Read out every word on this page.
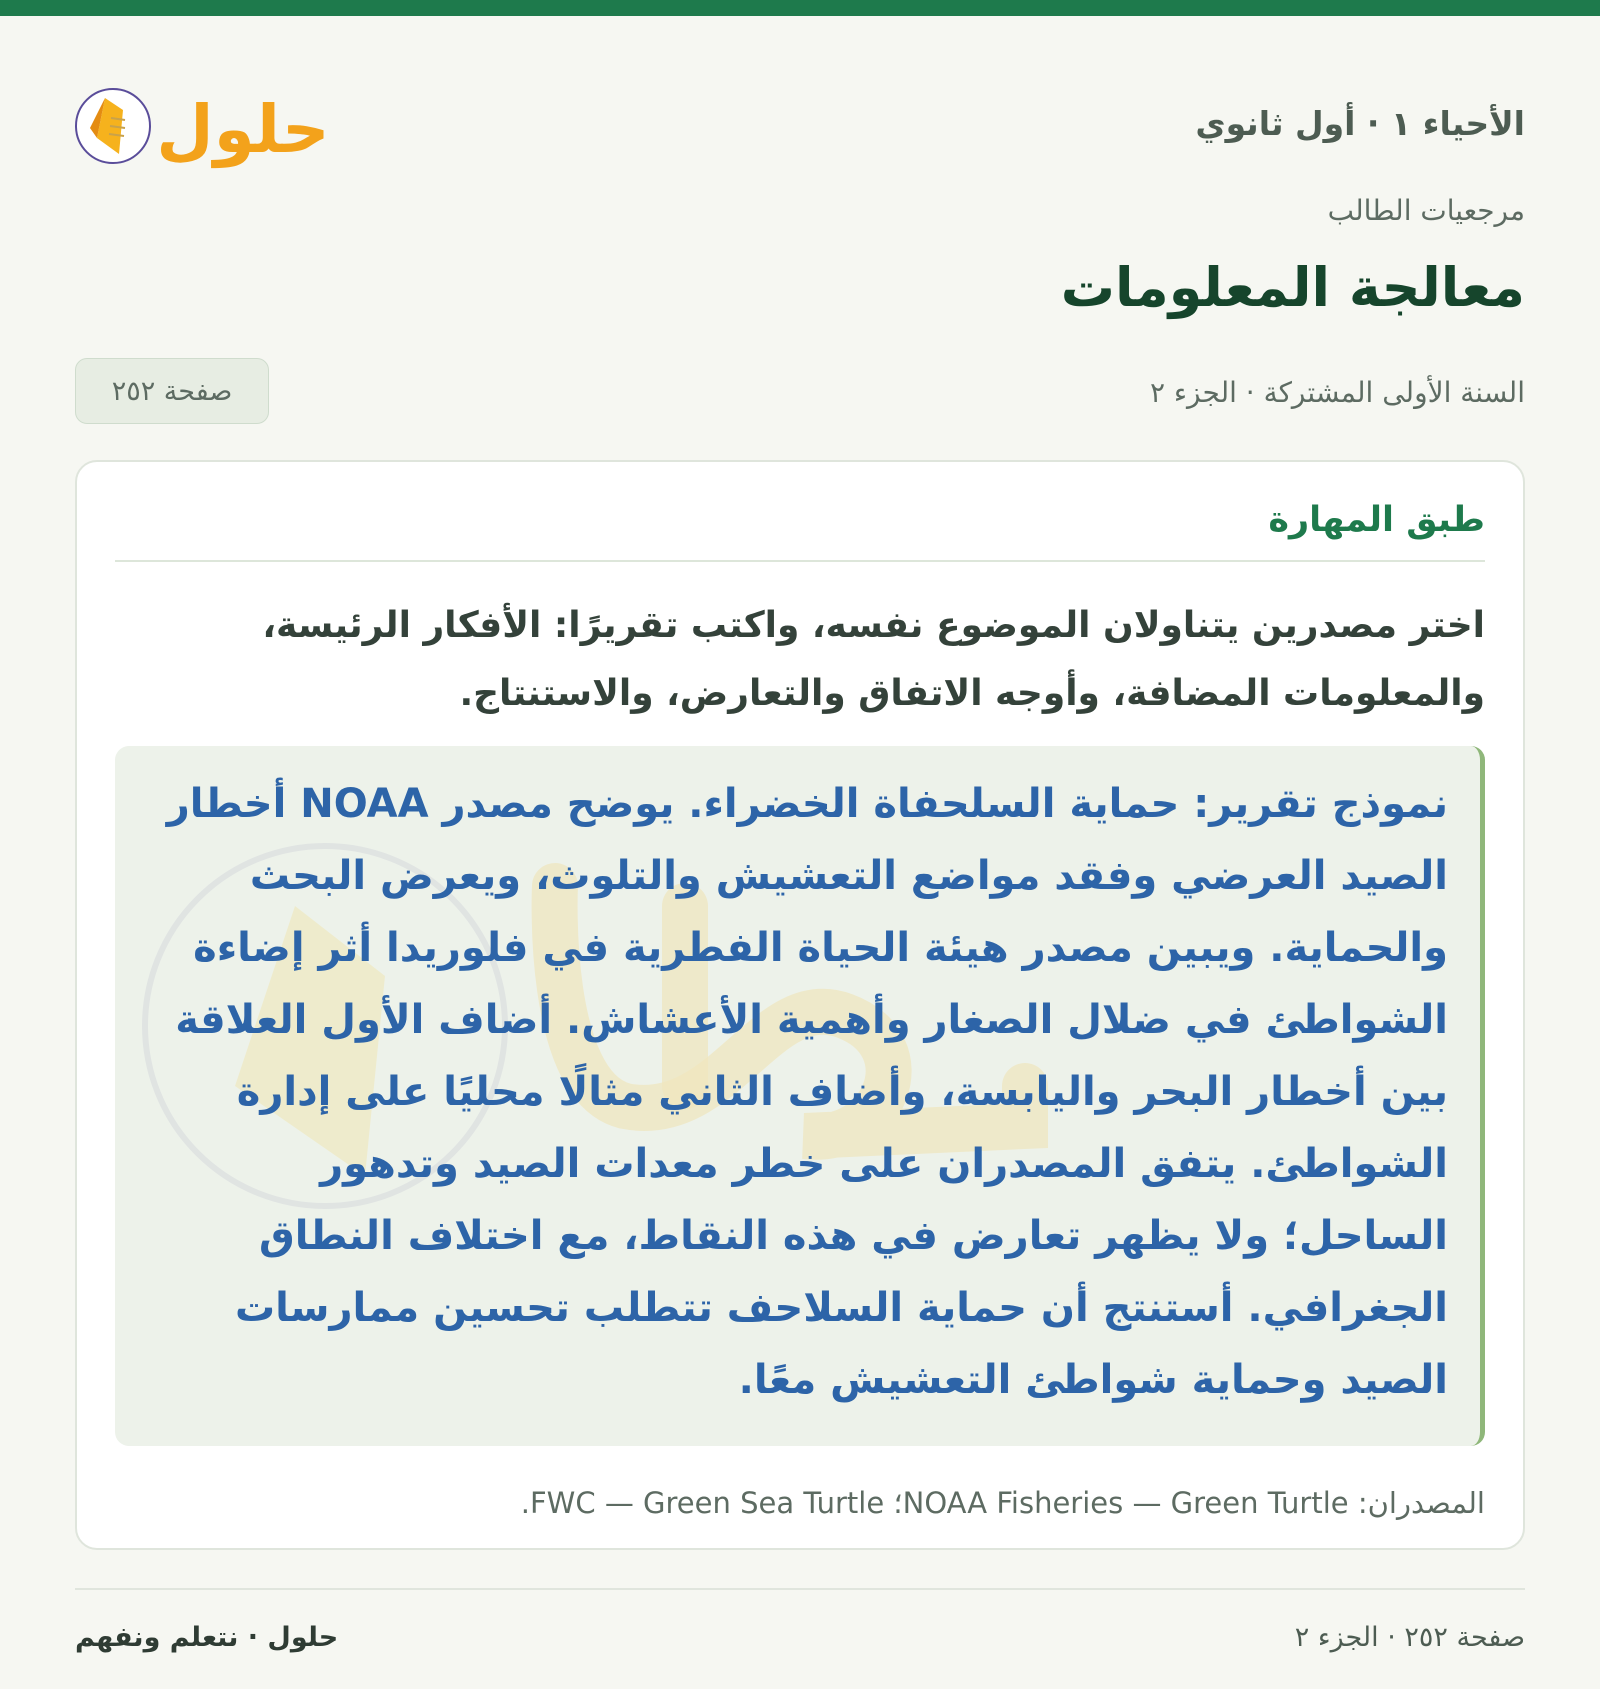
الأحياء ١ · أول ثانوي
حلول
مرجعيات الطالب
معالجة المعلومات
السنة الأولى المشتركة · الجزء ٢
صفحة ٢٥٢
طبق المهارة

اختر مصدرين يتناولان الموضوع نفسه، واكتب تقريرًا: الأفكار الرئيسة، والمعلومات المضافة، وأوجه الاتفاق والتعارض، والاستنتاج.

نموذج تقرير: حماية السلحفاة الخضراء. يوضح مصدر NOAA أخطار الصيد العرضي وفقد مواضع التعشيش والتلوث، ويعرض البحث والحماية. ويبين مصدر هيئة الحياة الفطرية في فلوريدا أثر إضاءة الشواطئ في ضلال الصغار وأهمية الأعشاش. أضاف الأول العلاقة بين أخطار البحر واليابسة، وأضاف الثاني مثالًا محليًا على إدارة الشواطئ. يتفق المصدران على خطر معدات الصيد وتدهور الساحل؛ ولا يظهر تعارض في هذه النقاط، مع اختلاف النطاق الجغرافي. أستنتج أن حماية السلاحف تتطلب تحسين ممارسات الصيد وحماية شواطئ التعشيش معًا.

المصدران: NOAA Fisheries — Green Turtle؛ FWC — Green Sea Turtle.
حلول · نتعلم ونفهم	صفحة ٢٥٢ · الجزء ٢
